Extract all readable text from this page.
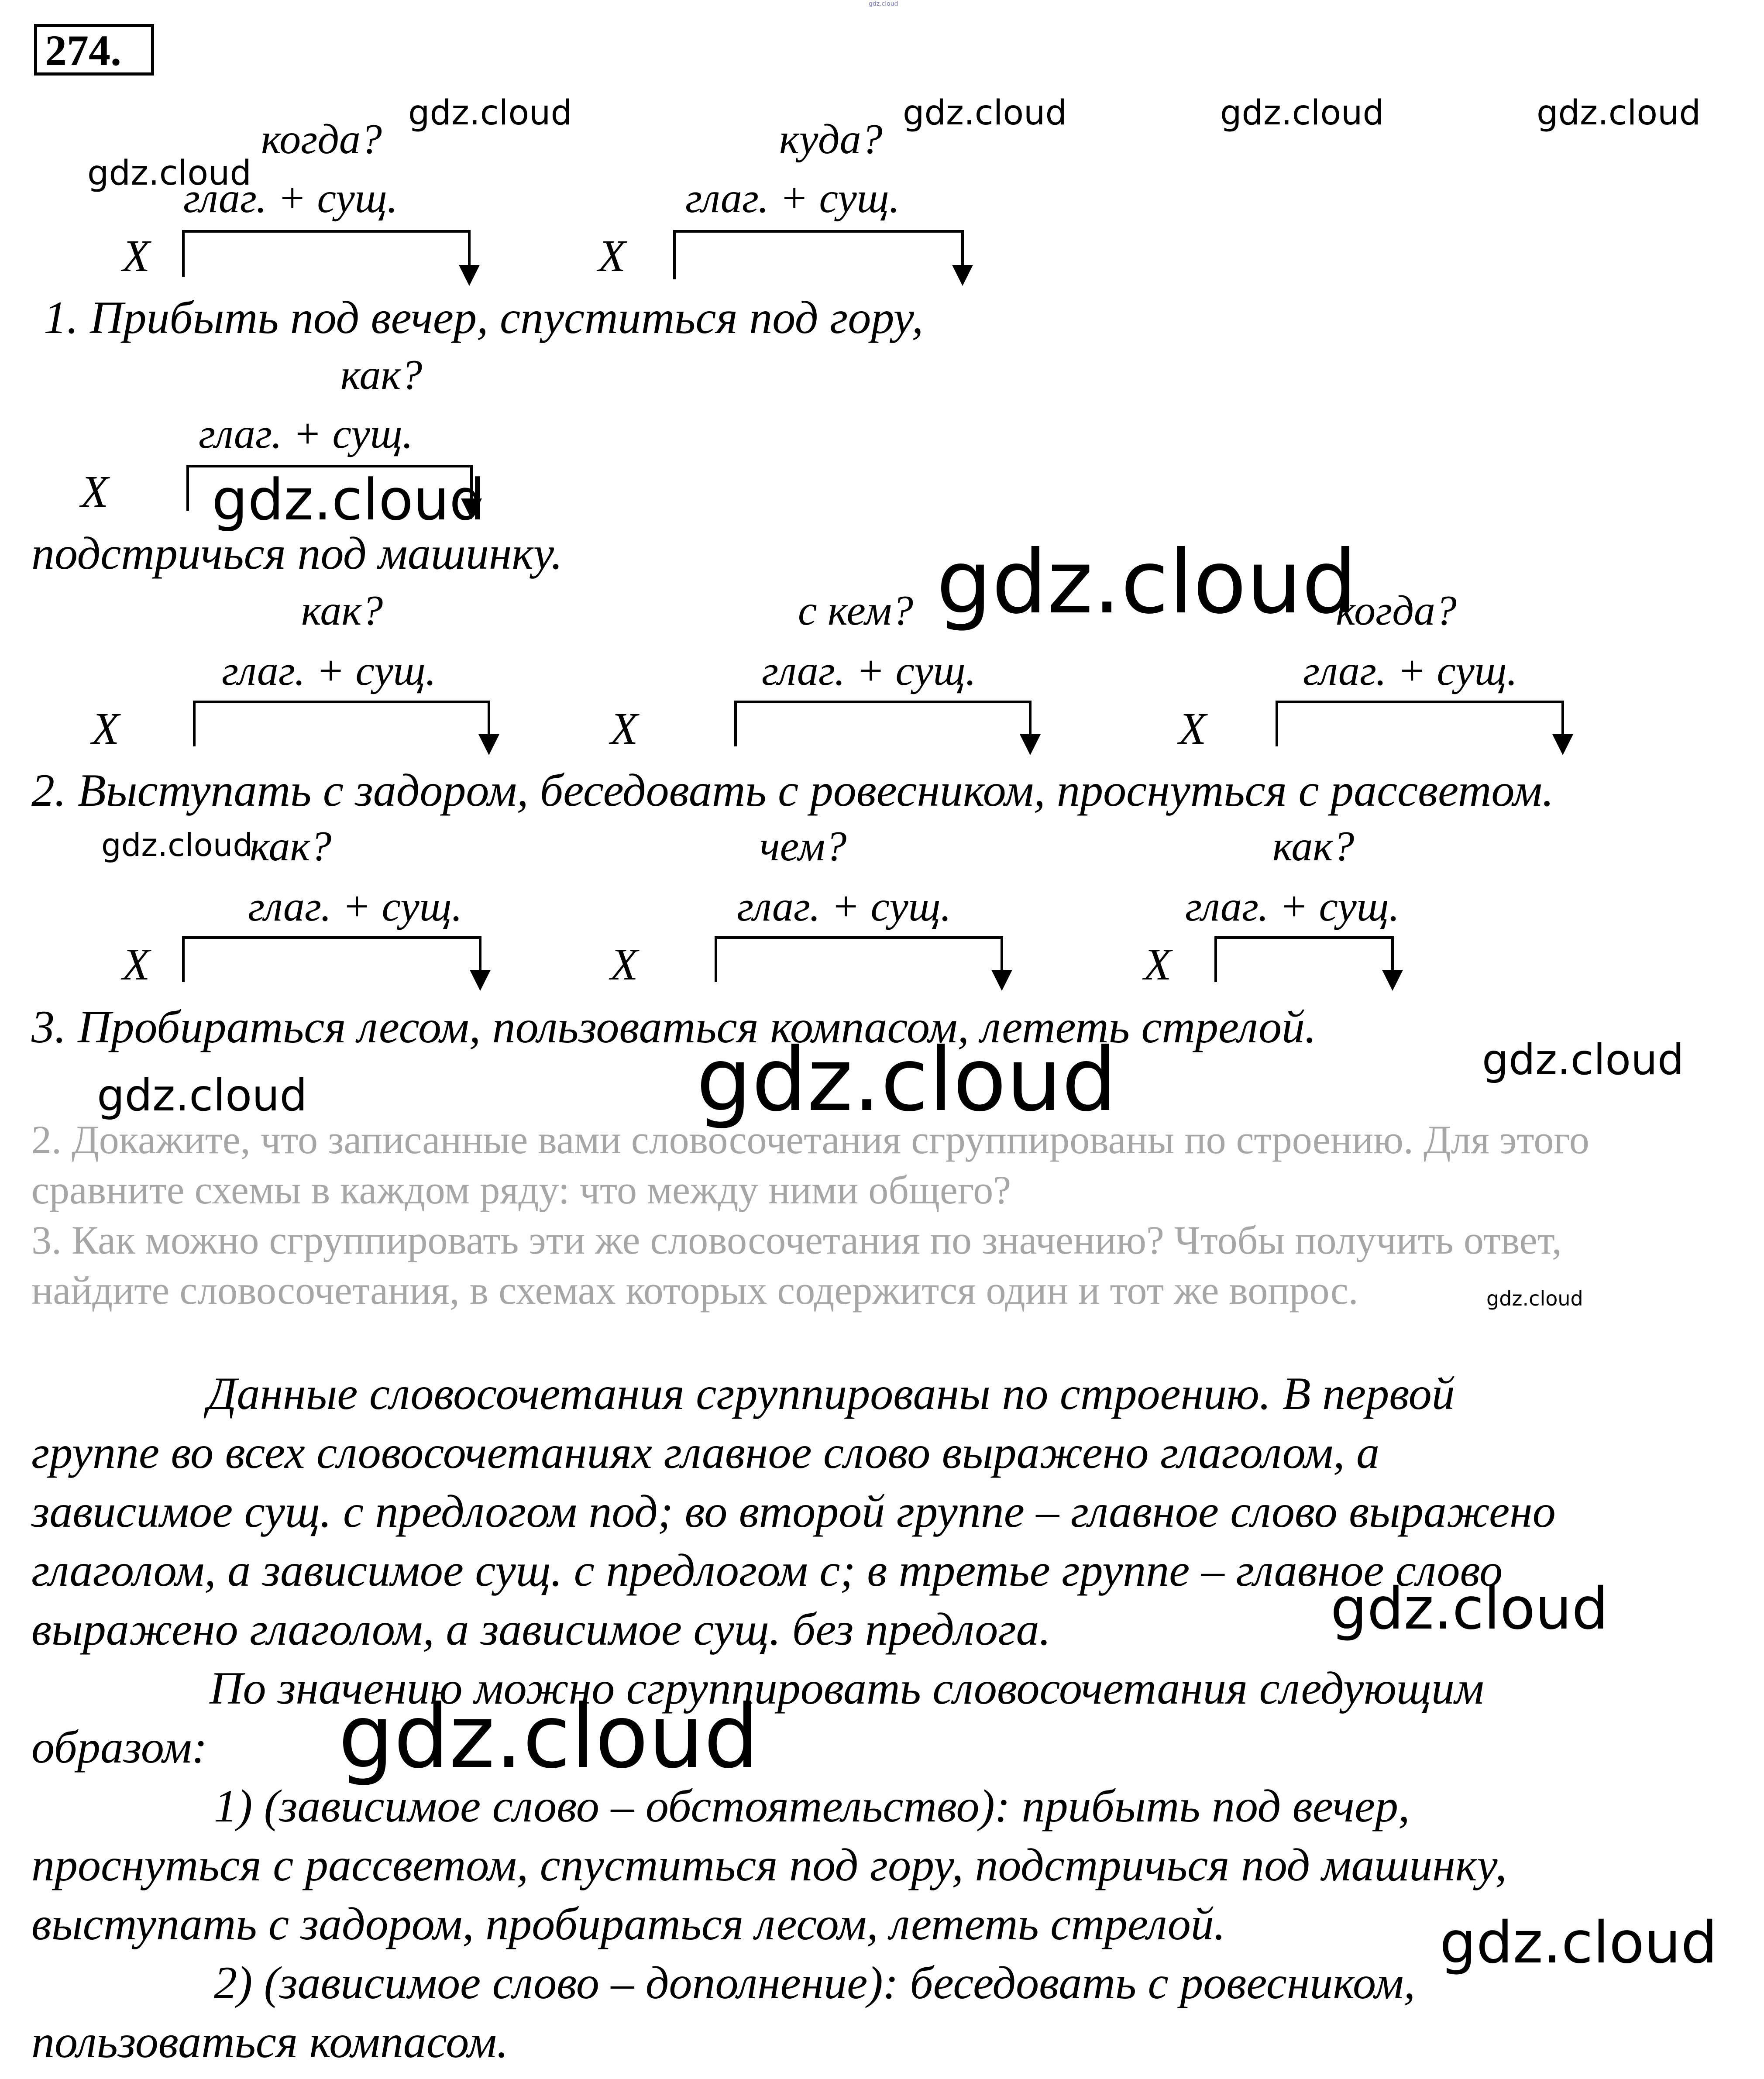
274.
когда?
глаг. + сущ.
X
куда?
глаг. + сущ.
X
1. Прибыть под вечер, спуститься под гору,
как?
глаг. + сущ.
X
подстричься под машинку.
как?
глаг. + сущ.
X
с кем?
глаг. + сущ.
X
когда?
глаг. + сущ.
X
2. Выступать с задором, беседовать с ровесником, проснуться с рассветом.
как?
глаг. + сущ.
X
чем?
глаг. + сущ.
X
как?
глаг. + сущ.
X
3. Пробираться лесом, пользоваться компасом, лететь стрелой.
2. Докажите, что записанные вами словосочетания сгруппированы по строению. Для этого
сравните схемы в каждом ряду: что между ними общего?
3. Как можно сгруппировать эти же словосочетания по значению? Чтобы получить ответ,
найдите словосочетания, в схемах которых содержится один и тот же вопрос.
Данные словосочетания сгруппированы по строению. В первой
группе во всех словосочетаниях главное слово выражено глаголом, а
зависимое сущ. с предлогом под; во второй группе – главное слово выражено
глаголом, а зависимое сущ. с предлогом с; в третье группе – главное слово
выражено глаголом, а зависимое сущ. без предлога.
По значению можно сгруппировать словосочетания следующим
образом:
1) (зависимое слово – обстоятельство): прибыть под вечер,
проснуться с рассветом, спуститься под гору, подстричься под машинку,
выступать с задором, пробираться лесом, лететь стрелой.
2) (зависимое слово – дополнение): беседовать с ровесником,
пользоваться компасом.
gdz.cloud
gdz.cloud	gdz.cloud	gdz.cloud	gdz.cloud
gdz.cloud
gdz.cloud
gdz.cloud
gdz.cloud
gdz.cloud	gdz.cloud
gdz.cloud
gdz.cloud
gdz.cloud
gdz.cloud
gdz.cloud
